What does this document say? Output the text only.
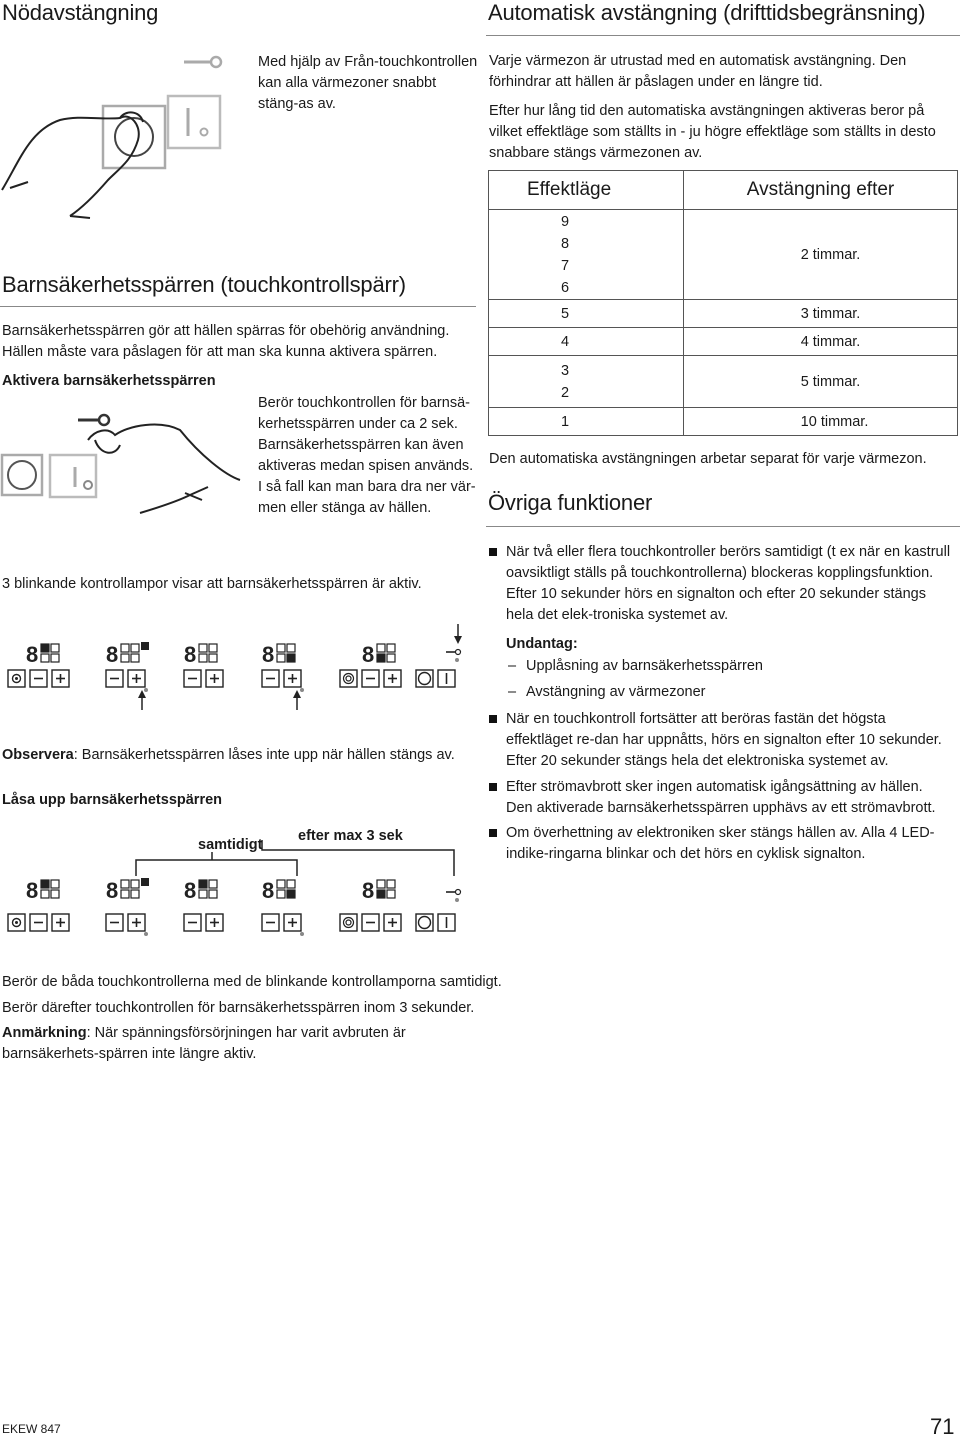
Nödavstängning
Med hjälp av Från-touchkontrollen kan alla värmezoner snabbt stäng-as av.
Barnsäkerhetsspärren (touchkontrollspärr)
Barnsäkerhetsspärren gör att hällen spärras för obehörig användning. Hällen måste vara påslagen för att man ska kunna aktivera spärren.
Aktivera barnsäkerhetsspärren
Berör touchkontrollen för barnsä-kerhetsspärren under ca 2 sek. Barnsäkerhetsspärren kan även aktiveras medan spisen används. I så fall kan man bara dra ner vär-men eller stänga av hällen.
3 blinkande kontrollampor visar att barnsäkerhetsspärren är aktiv.
8	8	8	8	8
Observera: Barnsäkerhetsspärren låses inte upp när hällen stängs av.
Låsa upp barnsäkerhetsspärren
samtidigt
efter max 3 sek
8	8	8	8	8
Berör de båda touchkontrollerna med de blinkande kontrollamporna samtidigt.
Berör därefter touchkontrollen för barnsäkerhetsspärren inom 3 sekunder.
Anmärkning: När spänningsförsörjningen har varit avbruten är barnsäkerhets-spärren inte längre aktiv.
Automatisk avstängning (drifttidsbegränsning)
Varje värmezon är utrustad med en automatisk avstängning. Den förhindrar att hällen är påslagen under en längre tid.
Efter hur lång tid den automatiska avstängningen aktiveras beror på vilket effektläge som ställts in - ju högre effektläge som ställts in desto snabbare stängs värmezonen av.
Effektläge	Avstängning efter
9
8
7
6	2 timmar.
5	3 timmar.
4	4 timmar.
3
2	5 timmar.
1	10 timmar.
Den automatiska avstängningen arbetar separat för varje värmezon.
Övriga funktioner
När två eller flera touchkontroller berörs samtidigt (t ex när en kastrull oavsiktligt ställs på touchkontrollerna) blockeras kopplingsfunktion. Efter 10 sekunder hörs en signalton och efter 20 sekunder stängs hela det elek-troniska systemet av.
Undantag:
– Upplåsning av barnsäkerhetsspärren
– Avstängning av värmezoner
När en touchkontroll fortsätter att beröras fastän det högsta effektläget re-dan har uppnåtts, hörs en signalton efter 10 sekunder. Efter 20 sekunder stängs hela det elektroniska systemet av.
Efter strömavbrott sker ingen automatisk igångsättning av hällen.
Den aktiverade barnsäkerhetsspärren upphävs av ett strömavbrott.
Om överhettning av elektroniken sker stängs hällen av. Alla 4 LED-indike-ringarna blinkar och det hörs en cyklisk signalton.
EKEW 847	71
